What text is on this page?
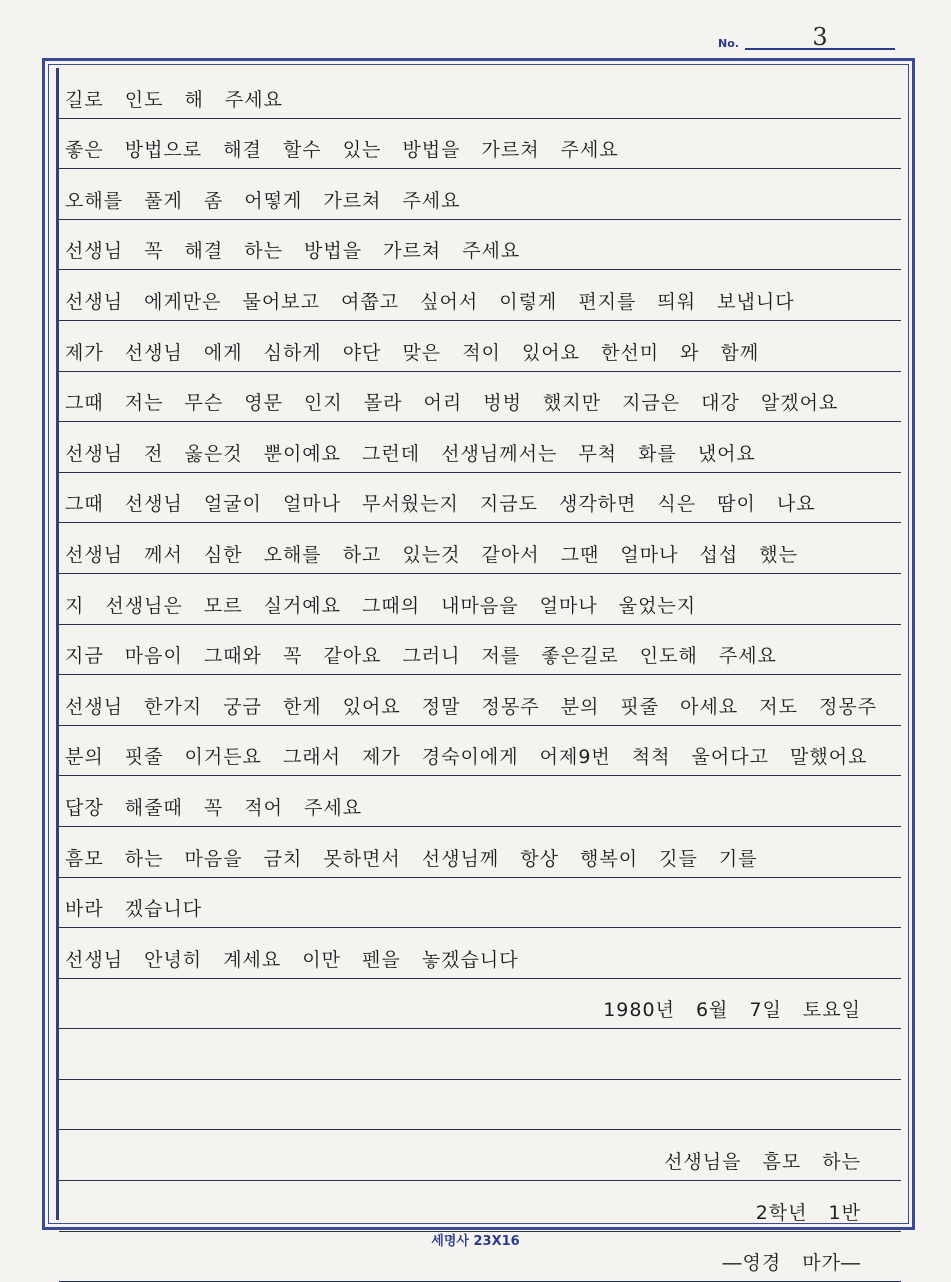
No.	3
길로 인도 해 주세요
좋은 방법으로 해결 할수 있는 방법을 가르쳐 주세요
오해를 풀게 좀 어떻게 가르쳐 주세요
선생님 꼭 해결 하는 방법을 가르쳐 주세요
선생님 에게만은 물어보고 여쭙고 싶어서 이렇게 편지를 띄워 보냅니다
제가 선생님 에게 심하게 야단 맞은 적이 있어요 한선미 와 함께
그때 저는 무슨 영문 인지 몰라 어리 벙벙 했지만 지금은 대강 알겠어요
선생님 전 옳은것 뿐이예요 그런데 선생님께서는 무척 화를 냈어요
그때 선생님 얼굴이 얼마나 무서웠는지 지금도 생각하면 식은 땀이 나요
선생님 께서 심한 오해를 하고 있는것 같아서 그땐 얼마나 섭섭 했는
지 선생님은 모르 실거예요 그때의 내마음을 얼마나 울었는지
지금 마음이 그때와 꼭 같아요 그러니 저를 좋은길로 인도해 주세요
선생님 한가지 궁금 한게 있어요 정말 정몽주 분의 핏줄 아세요 저도 정몽주
분의 핏줄 이거든요 그래서 제가 경숙이에게 어제9번 척척 울어다고 말했어요
답장 해줄때 꼭 적어 주세요
흠모 하는 마음을 금치 못하면서 선생님께 항상 행복이 깃들 기를
바라 겠습니다
선생님 안녕히 계세요 이만 펜을 놓겠습니다
1980년 6월 7일 토요일
선생님을 흠모 하는
2학년 1반
―영경 마가―
세명사 23X16
